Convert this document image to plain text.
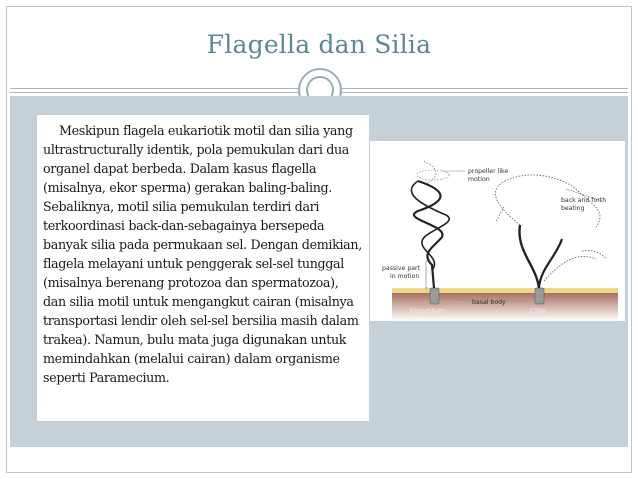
Flagella dan Silia

Meskipun flagela eukariotik motil dan silia yang ultrastructurally identik, pola pemukulan dari dua organel dapat berbeda. Dalam kasus flagella (misalnya, ekor sperma) gerakan baling-baling. Sebaliknya, motil silia pemukulan terdiri dari terkoordinasi back-dan-sebagainya bersepeda banyak silia pada permukaan sel. Dengan demikian, flagela melayani untuk penggerak sel-sel tunggal (misalnya berenang protozoa dan spermatozoa), dan silia motil untuk mengangkut cairan (misalnya transportasi lendir oleh sel-sel bersilia masih dalam trakea). Namun, bulu mata juga digunakan untuk memindahkan (melalui cairan) dalam organisme seperti Paramecium.

propeller like
motion
back and forth
beating
passive part
in motion
basal body
Flagellum	Cilia
